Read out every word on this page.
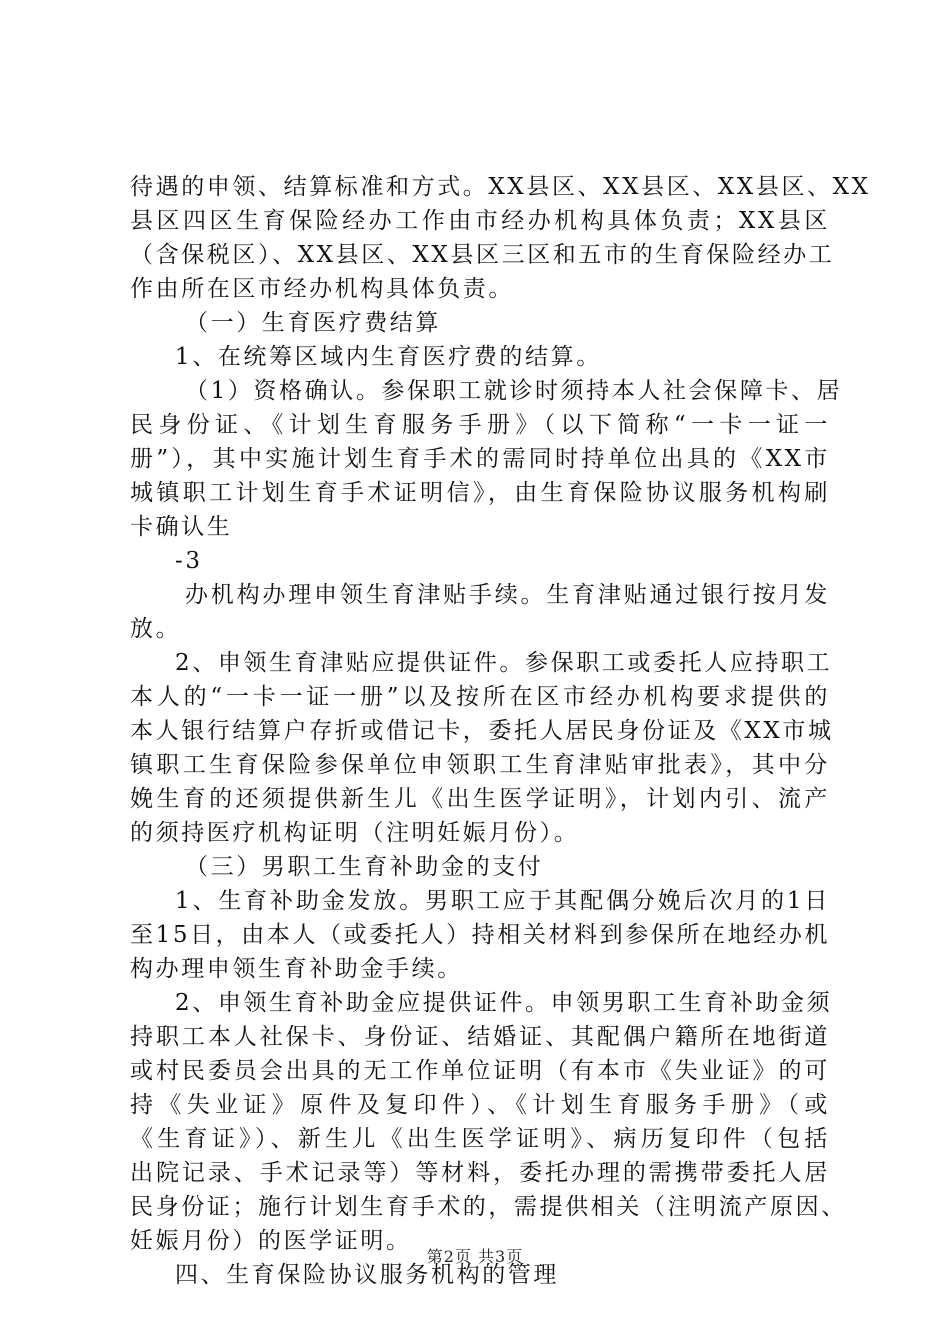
待遇的申领、结算标准和方式。XX县区、XX县区、XX县区、XX
县区四区生育保险经办工作由市经办机构具体负责；XX县区
（含保税区）、XX县区、XX县区三区和五市的生育保险经办工
作由所在区市经办机构具体负责。
（一）生育医疗费结算
1、在统筹区域内生育医疗费的结算。
（1）资格确认。参保职工就诊时须持本人社会保障卡、居
民身份证、《计划生育服务手册》（以下简称“一卡一证一
册”），其中实施计划生育手术的需同时持单位出具的《XX市
城镇职工计划生育手术证明信》，由生育保险协议服务机构刷
卡确认生
-3
办机构办理申领生育津贴手续。生育津贴通过银行按月发
放。
2、申领生育津贴应提供证件。参保职工或委托人应持职工
本人的“一卡一证一册”以及按所在区市经办机构要求提供的
本人银行结算户存折或借记卡，委托人居民身份证及《XX市城
镇职工生育保险参保单位申领职工生育津贴审批表》，其中分
娩生育的还须提供新生儿《出生医学证明》，计划内引、流产
的须持医疗机构证明（注明妊娠月份）。
（三）男职工生育补助金的支付
1、生育补助金发放。男职工应于其配偶分娩后次月的1日
至15日，由本人（或委托人）持相关材料到参保所在地经办机
构办理申领生育补助金手续。
2、申领生育补助金应提供证件。申领男职工生育补助金须
持职工本人社保卡、身份证、结婚证、其配偶户籍所在地街道
或村民委员会出具的无工作单位证明（有本市《失业证》的可
持《失业证》原件及复印件）、《计划生育服务手册》（或
《生育证》）、新生儿《出生医学证明》、病历复印件（包括
出院记录、手术记录等）等材料，委托办理的需携带委托人居
民身份证；施行计划生育手术的，需提供相关（注明流产原因、
妊娠月份）的医学证明。
四、生育保险协议服务机构的管理
第2页 共3页
